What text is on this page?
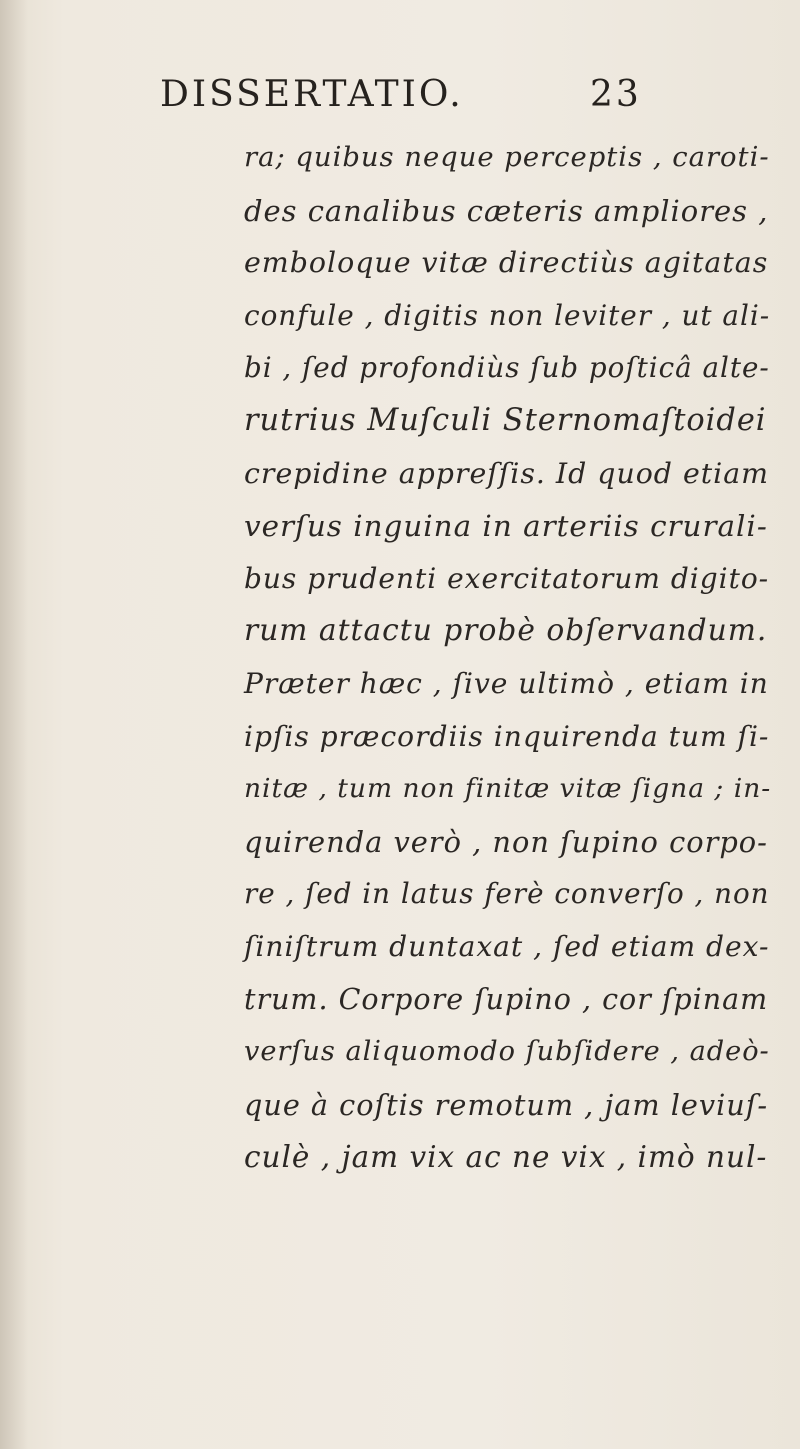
DISSERTATIO.	23
ra; quibus neque perceptis , caroti-
des canalibus cæteris ampliores ,
emboloque vitæ directiùs agitatas
confule , digitis non leviter , ut ali-
bi , ſed profondiùs ſub poſticâ alte-
rutrius Muſculi Sternomaſtoidei
crepidine appreſſis. Id quod etiam
verſus inguina in arteriis crurali-
bus prudenti exercitatorum digito-
rum attactu probè obſervandum.
Præter hæc , ſive ultimò , etiam in
ipſis præcordiis inquirenda tum ſi-
nitæ , tum non finitæ vitæ ſigna ; in-
quirenda verò , non ſupino corpo-
re , ſed in latus ferè converſo , non
ſiniſtrum duntaxat , ſed etiam dex-
trum. Corpore ſupino , cor ſpinam
verſus aliquomodo ſubſidere , adeò-
que à coſtis remotum , jam leviuſ-
culè , jam vix ac ne vix , imò nul-
